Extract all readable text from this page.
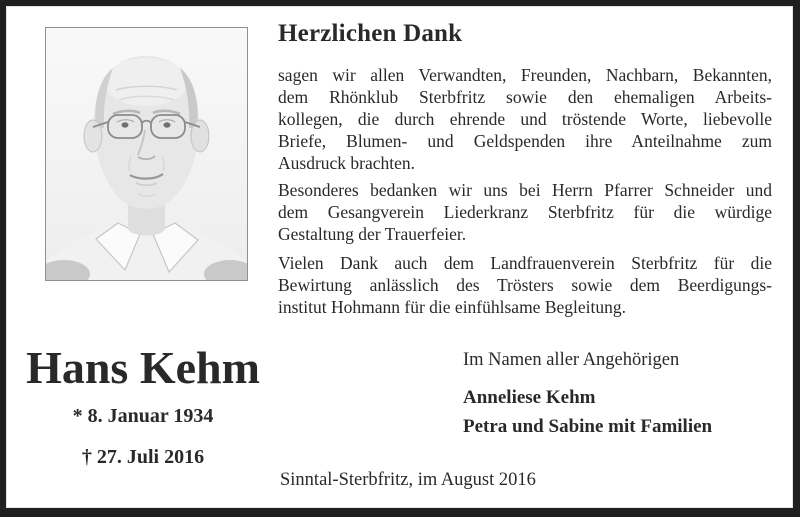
Herzlichen Dank
sagen wir allen Verwandten, Freunden, Nachbarn, Bekannten,
dem Rhönklub Sterbfritz sowie den ehemaligen Arbeits-
kollegen, die durch ehrende und tröstende Worte, liebevolle
Briefe, Blumen- und Geldspenden ihre Anteilnahme zum
Ausdruck brachten.
Besonderes bedanken wir uns bei Herrn Pfarrer Schneider und
dem Gesangverein Liederkranz Sterbfritz für die würdige
Gestaltung der Trauerfeier.
Vielen Dank auch dem Landfrauenverein Sterbfritz für die
Bewirtung anlässlich des Trösters sowie dem Beerdigungs-
institut Hohmann für die einfühlsame Begleitung.
Im Namen aller Angehörigen
Anneliese Kehm
Petra und Sabine mit Familien
Sinntal-Sterbfritz, im August 2016
Hans Kehm
* 8. Januar 1934
† 27. Juli 2016
